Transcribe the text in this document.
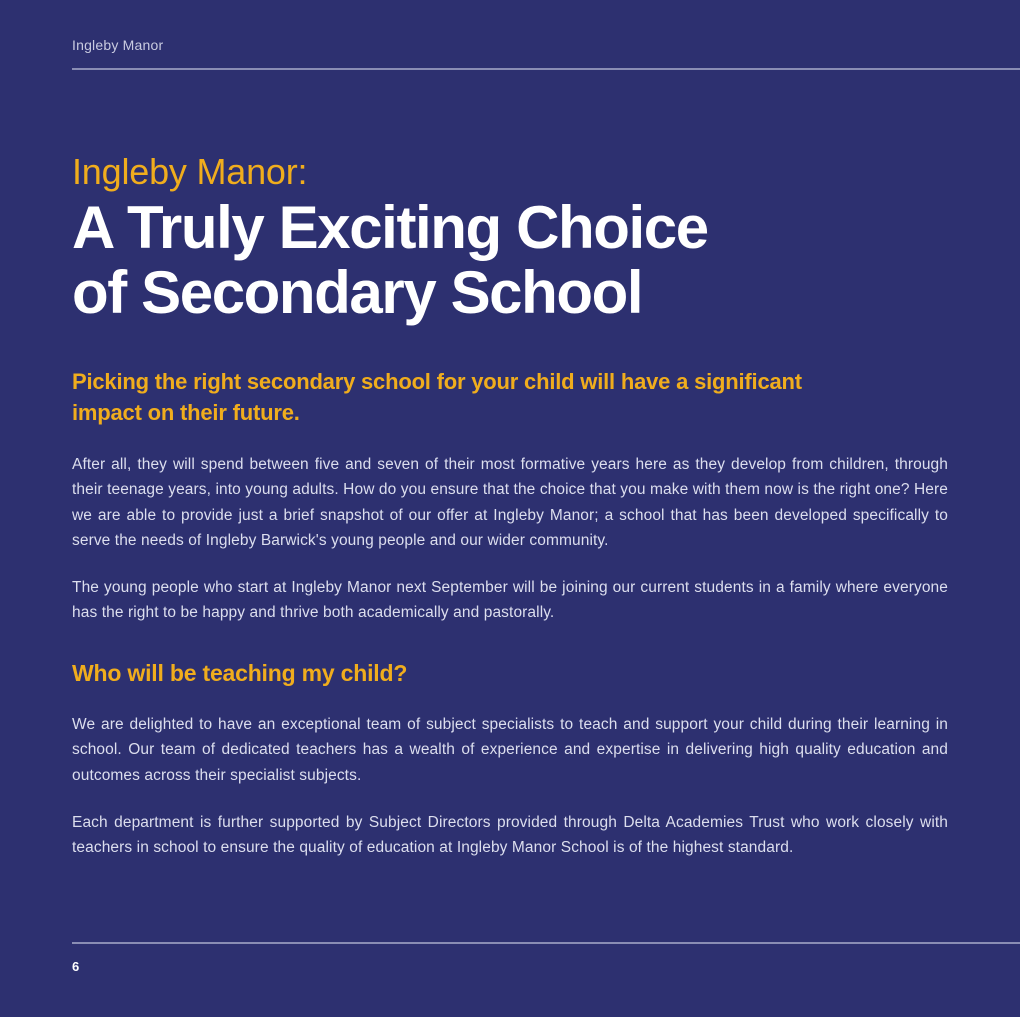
Ingleby Manor

Ingleby Manor:

A Truly Exciting Choice
of Secondary School

Picking the right secondary school for your child will have a significant impact on their future.

After all, they will spend between five and seven of their most formative years here as they develop from children, through their teenage years, into young adults. How do you ensure that the choice that you make with them now is the right one? Here we are able to provide just a brief snapshot of our offer at Ingleby Manor; a school that has been developed specifically to serve the needs of Ingleby Barwick's young people and our wider community.

The young people who start at Ingleby Manor next September will be joining our current students in a family where everyone has the right to be happy and thrive both academically and pastorally.

Who will be teaching my child?

We are delighted to have an exceptional team of subject specialists to teach and support your child during their learning in school. Our team of dedicated teachers has a wealth of experience and expertise in delivering high quality education and outcomes across their specialist subjects.

Each department is further supported by Subject Directors provided through Delta Academies Trust who work closely with teachers in school to ensure the quality of education at Ingleby Manor School is of the highest standard.

6
